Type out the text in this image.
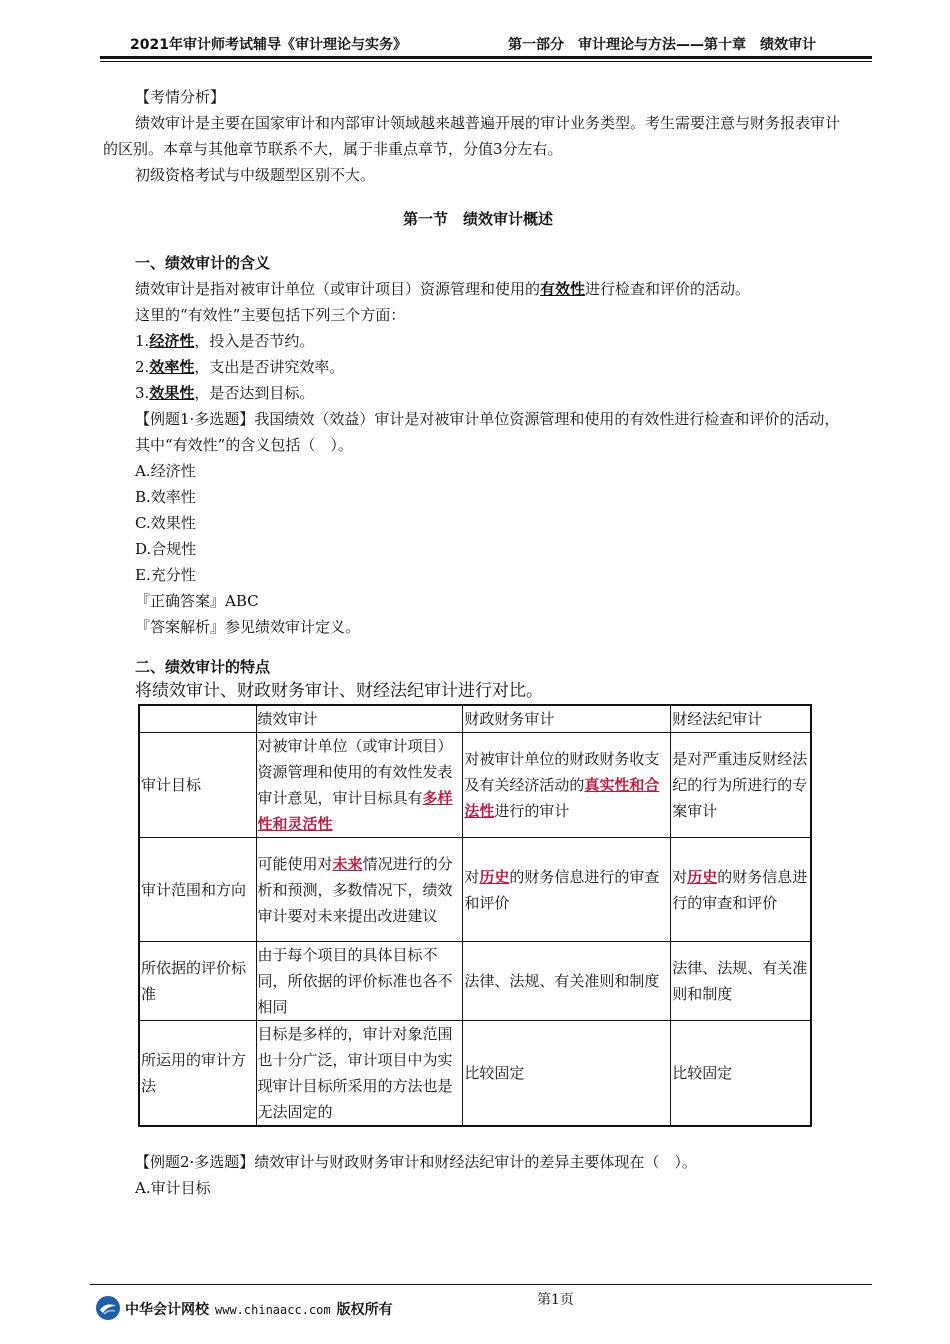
2021年审计师考试辅导《审计理论与实务》	第一部分　审计理论与方法——第十章　绩效审计

【考情分析】

绩效审计是主要在国家审计和内部审计领域越来越普遍开展的审计业务类型。考生需要注意与财务报表审计的区别。本章与其他章节联系不大，属于非重点章节，分值3分左右。

初级资格考试与中级题型区别不大。

第一节　绩效审计概述

一、绩效审计的含义

绩效审计是指对被审计单位（或审计项目）资源管理和使用的有效性进行检查和评价的活动。

这里的“有效性”主要包括下列三个方面：

1.经济性，投入是否节约。

2.效率性，支出是否讲究效率。

3.效果性，是否达到目标。

【例题1·多选题】我国绩效（效益）审计是对被审计单位资源管理和使用的有效性进行检查和评价的活动，其中“有效性”的含义包括（　）。

A.经济性

B.效率性

C.效果性

D.合规性

E.充分性

『正确答案』ABC

『答案解析』参见绩效审计定义。

二、绩效审计的特点

将绩效审计、财政财务审计、财经法纪审计进行对比。

	绩效审计	财政财务审计	财经法纪审计
审计目标	对被审计单位（或审计项目）资源管理和使用的有效性发表审计意见，审计目标具有多样性和灵活性	对被审计单位的财政财务收支及有关经济活动的真实性和合法性进行的审计	是对严重违反财经法纪的行为所进行的专案审计
审计范围和方向	可能使用对未来情况进行的分析和预测，多数情况下，绩效审计要对未来提出改进建议	对历史的财务信息进行的审查和评价	对历史的财务信息进行的审查和评价
所依据的评价标准	由于每个项目的具体目标不同，所依据的评价标准也各不相同	法律、法规、有关准则和制度	法律、法规、有关准则和制度
所运用的审计方法	目标是多样的，审计对象范围也十分广泛，审计项目中为实现审计目标所采用的方法也是无法固定的	比较固定	比较固定

【例题2·多选题】绩效审计与财政财务审计和财经法纪审计的差异主要体现在（　）。

A.审计目标

第1页
中华会计网校 www.chinaacc.com 版权所有
